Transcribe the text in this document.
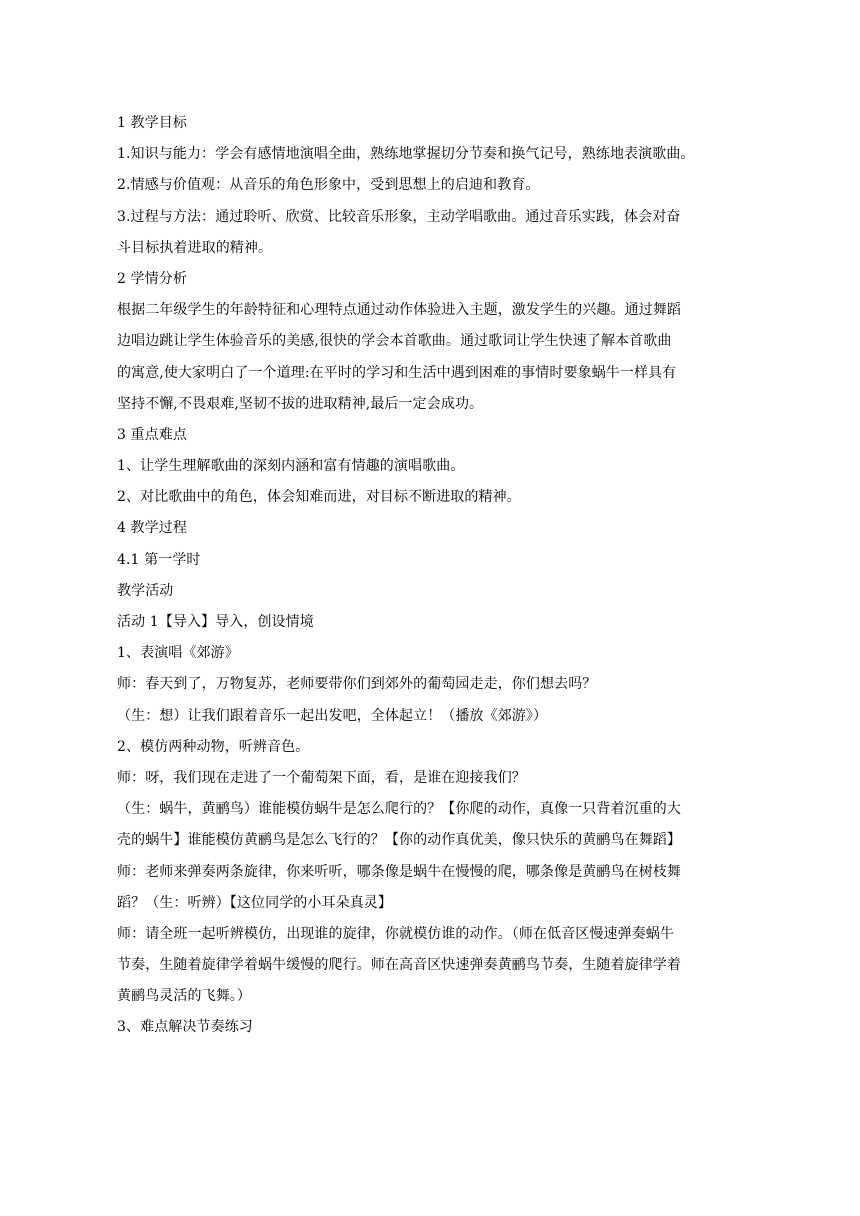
1 教学目标
1.知识与能力：学会有感情地演唱全曲，熟练地掌握切分节奏和换气记号，熟练地表演歌曲。
2.情感与价值观：从音乐的角色形象中，受到思想上的启迪和教育。
3.过程与方法：通过聆听、欣赏、比较音乐形象，主动学唱歌曲。通过音乐实践，体会对奋
斗目标执着进取的精神。
2 学情分析
根据二年级学生的年龄特征和心理特点通过动作体验进入主题，激发学生的兴趣。通过舞蹈
边唱边跳让学生体验音乐的美感,很快的学会本首歌曲。通过歌词让学生快速了解本首歌曲
的寓意,使大家明白了一个道理:在平时的学习和生活中遇到困难的事情时要象蜗牛一样具有
坚持不懈,不畏艰难,坚韧不拔的进取精神,最后一定会成功。
3 重点难点
1、让学生理解歌曲的深刻内涵和富有情趣的演唱歌曲。
2、对比歌曲中的角色，体会知难而进，对目标不断进取的精神。
4 教学过程
4.1 第一学时
教学活动
活动 1【导入】导入，创设情境
1、表演唱《郊游》
师：春天到了，万物复苏，老师要带你们到郊外的葡萄园走走，你们想去吗？
（生：想）让我们跟着音乐一起出发吧，全体起立！（播放《郊游》）
2、模仿两种动物，听辨音色。
师：呀，我们现在走进了一个葡萄架下面，看，是谁在迎接我们？
（生：蜗牛，黄鹂鸟）谁能模仿蜗牛是怎么爬行的？【你爬的动作，真像一只背着沉重的大
壳的蜗牛】谁能模仿黄鹂鸟是怎么飞行的？【你的动作真优美，像只快乐的黄鹂鸟在舞蹈】
师：老师来弹奏两条旋律，你来听听，哪条像是蜗牛在慢慢的爬，哪条像是黄鹂鸟在树枝舞
蹈？（生：听辨）【这位同学的小耳朵真灵】
师：请全班一起听辨模仿，出现谁的旋律，你就模仿谁的动作。（师在低音区慢速弹奏蜗牛
节奏，生随着旋律学着蜗牛缓慢的爬行。师在高音区快速弹奏黄鹂鸟节奏，生随着旋律学着
黄鹂鸟灵活的飞舞。）
3、难点解决节奏练习
